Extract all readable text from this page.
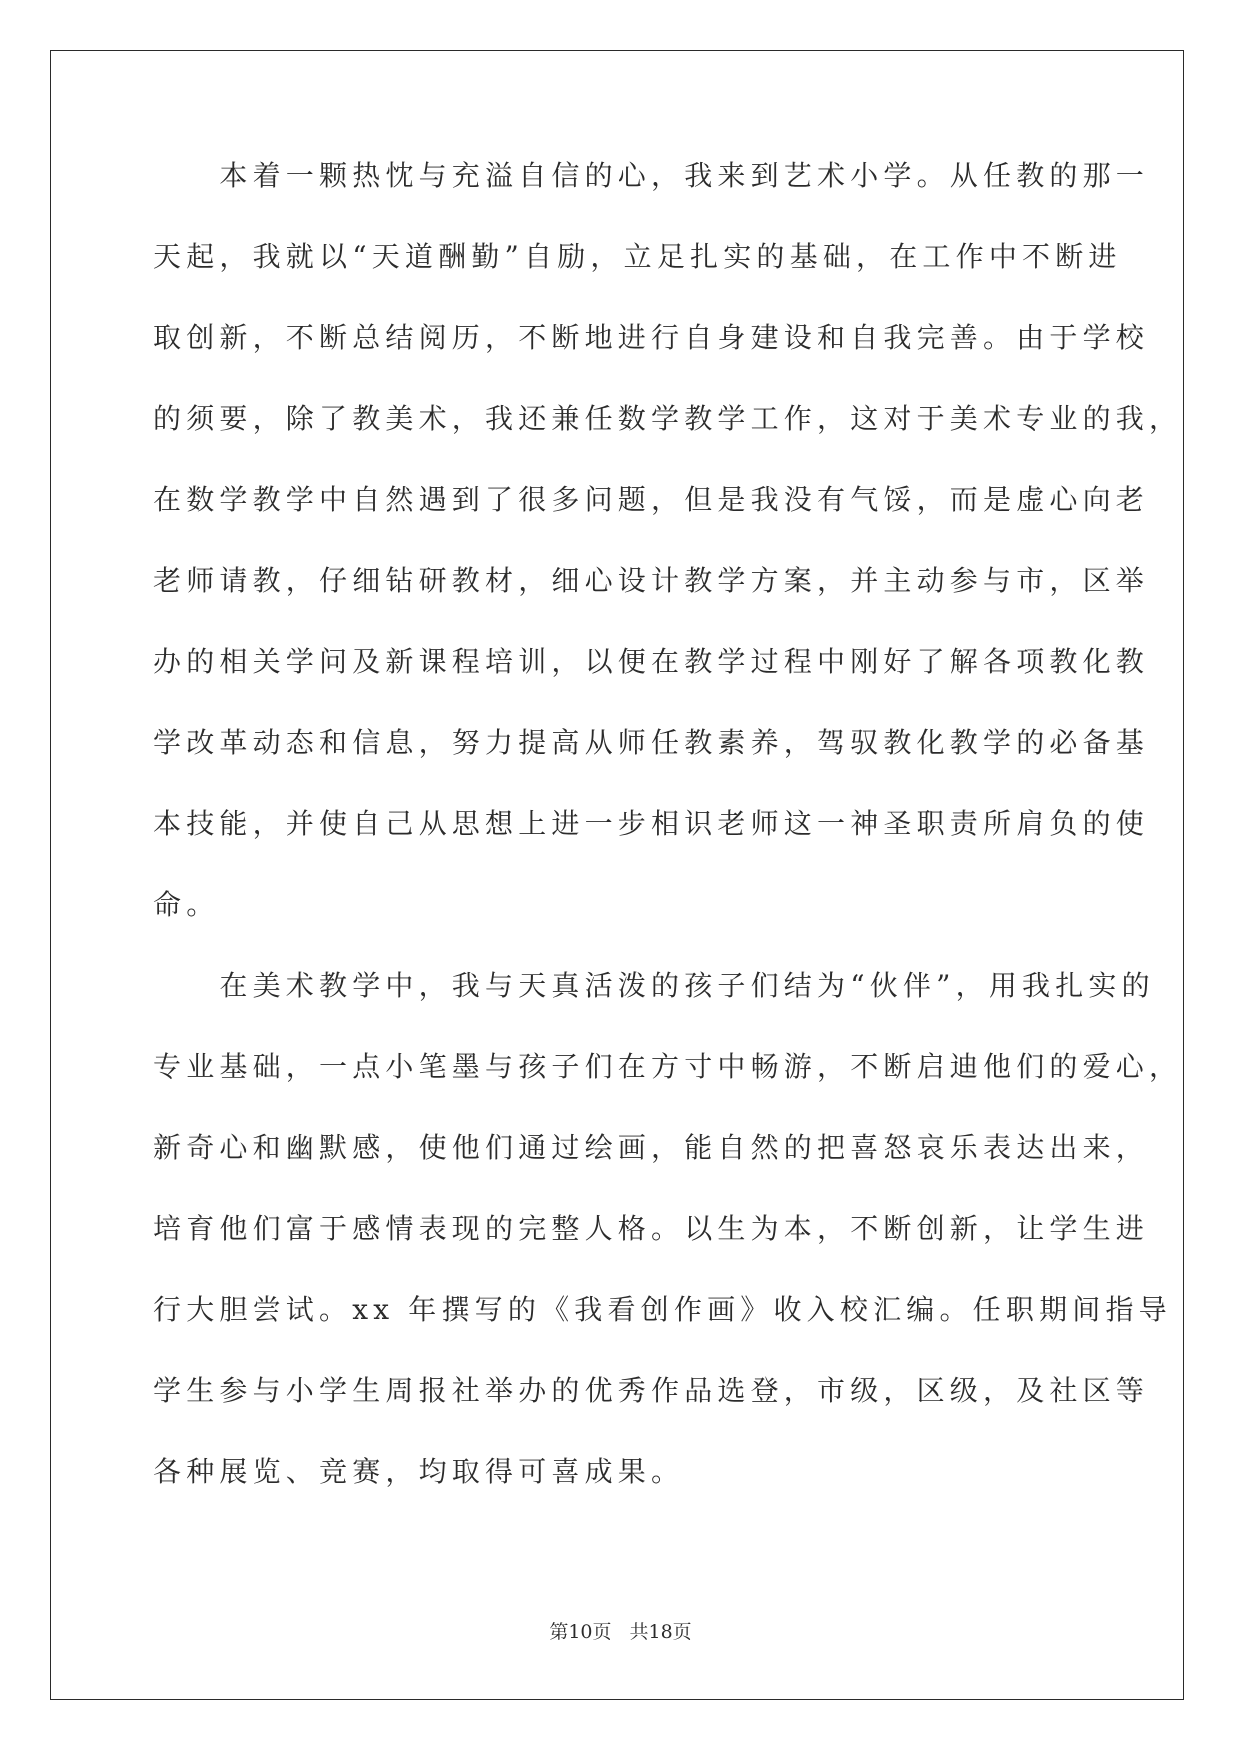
　　本着一颗热忱与充溢自信的心，我来到艺术小学。从任教的那一
天起，我就以“天道酬勤”自励，立足扎实的基础，在工作中不断进
取创新，不断总结阅历，不断地进行自身建设和自我完善。由于学校
的须要，除了教美术，我还兼任数学教学工作，这对于美术专业的我，
在数学教学中自然遇到了很多问题，但是我没有气馁，而是虚心向老
老师请教，仔细钻研教材，细心设计教学方案，并主动参与市，区举
办的相关学问及新课程培训，以便在教学过程中刚好了解各项教化教
学改革动态和信息，努力提高从师任教素养，驾驭教化教学的必备基
本技能，并使自己从思想上进一步相识老师这一神圣职责所肩负的使
命。
　　在美术教学中，我与天真活泼的孩子们结为“伙伴”，用我扎实的
专业基础，一点小笔墨与孩子们在方寸中畅游，不断启迪他们的爱心，
新奇心和幽默感，使他们通过绘画，能自然的把喜怒哀乐表达出来，
培育他们富于感情表现的完整人格。以生为本，不断创新，让学生进
行大胆尝试。xx 年撰写的《我看创作画》收入校汇编。任职期间指导
学生参与小学生周报社举办的优秀作品选登，市级，区级，及社区等
各种展览、竞赛，均取得可喜成果。
第10页 共18页
